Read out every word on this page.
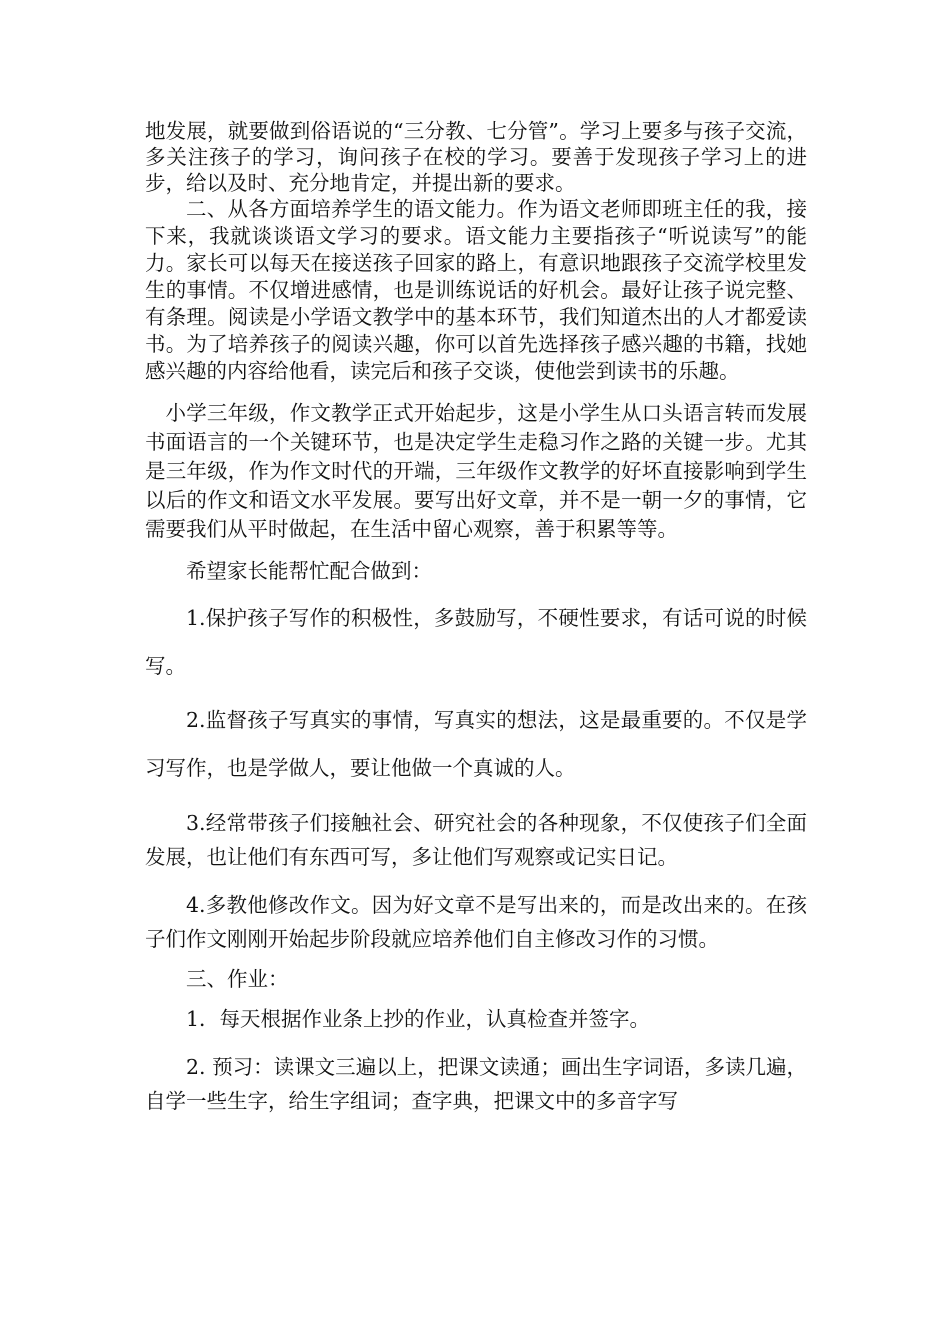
地发展，就要做到俗语说的“三分教、七分管”。学习上要多与孩子交流，多关注孩子的学习，询问孩子在校的学习。要善于发现孩子学习上的进步，给以及时、充分地肯定，并提出新的要求。

二、从各方面培养学生的语文能力。作为语文老师即班主任的我，接下来，我就谈谈语文学习的要求。语文能力主要指孩子“听说读写”的能力。家长可以每天在接送孩子回家的路上，有意识地跟孩子交流学校里发生的事情。不仅增进感情，也是训练说话的好机会。最好让孩子说完整、有条理。阅读是小学语文教学中的基本环节，我们知道杰出的人才都爱读书。为了培养孩子的阅读兴趣，你可以首先选择孩子感兴趣的书籍，找她感兴趣的内容给他看，读完后和孩子交谈，使他尝到读书的乐趣。

小学三年级，作文教学正式开始起步，这是小学生从口头语言转而发展书面语言的一个关键环节，也是决定学生走稳习作之路的关键一步。尤其是三年级，作为作文时代的开端，三年级作文教学的好坏直接影响到学生以后的作文和语文水平发展。要写出好文章，并不是一朝一夕的事情，它需要我们从平时做起，在生活中留心观察，善于积累等等。

希望家长能帮忙配合做到：

1.保护孩子写作的积极性，多鼓励写，不硬性要求，有话可说的时候写。

2.监督孩子写真实的事情，写真实的想法，这是最重要的。不仅是学习写作，也是学做人，要让他做一个真诚的人。

3.经常带孩子们接触社会、研究社会的各种现象，不仅使孩子们全面发展，也让他们有东西可写，多让他们写观察或记实日记。

4.多教他修改作文。因为好文章不是写出来的，而是改出来的。在孩子们作文刚刚开始起步阶段就应培养他们自主修改习作的习惯。

三、作业：

1．每天根据作业条上抄的作业，认真检查并签字。

2. 预习：读课文三遍以上，把课文读通；画出生字词语，多读几遍，自学一些生字，给生字组词；查字典，把课文中的多音字写
